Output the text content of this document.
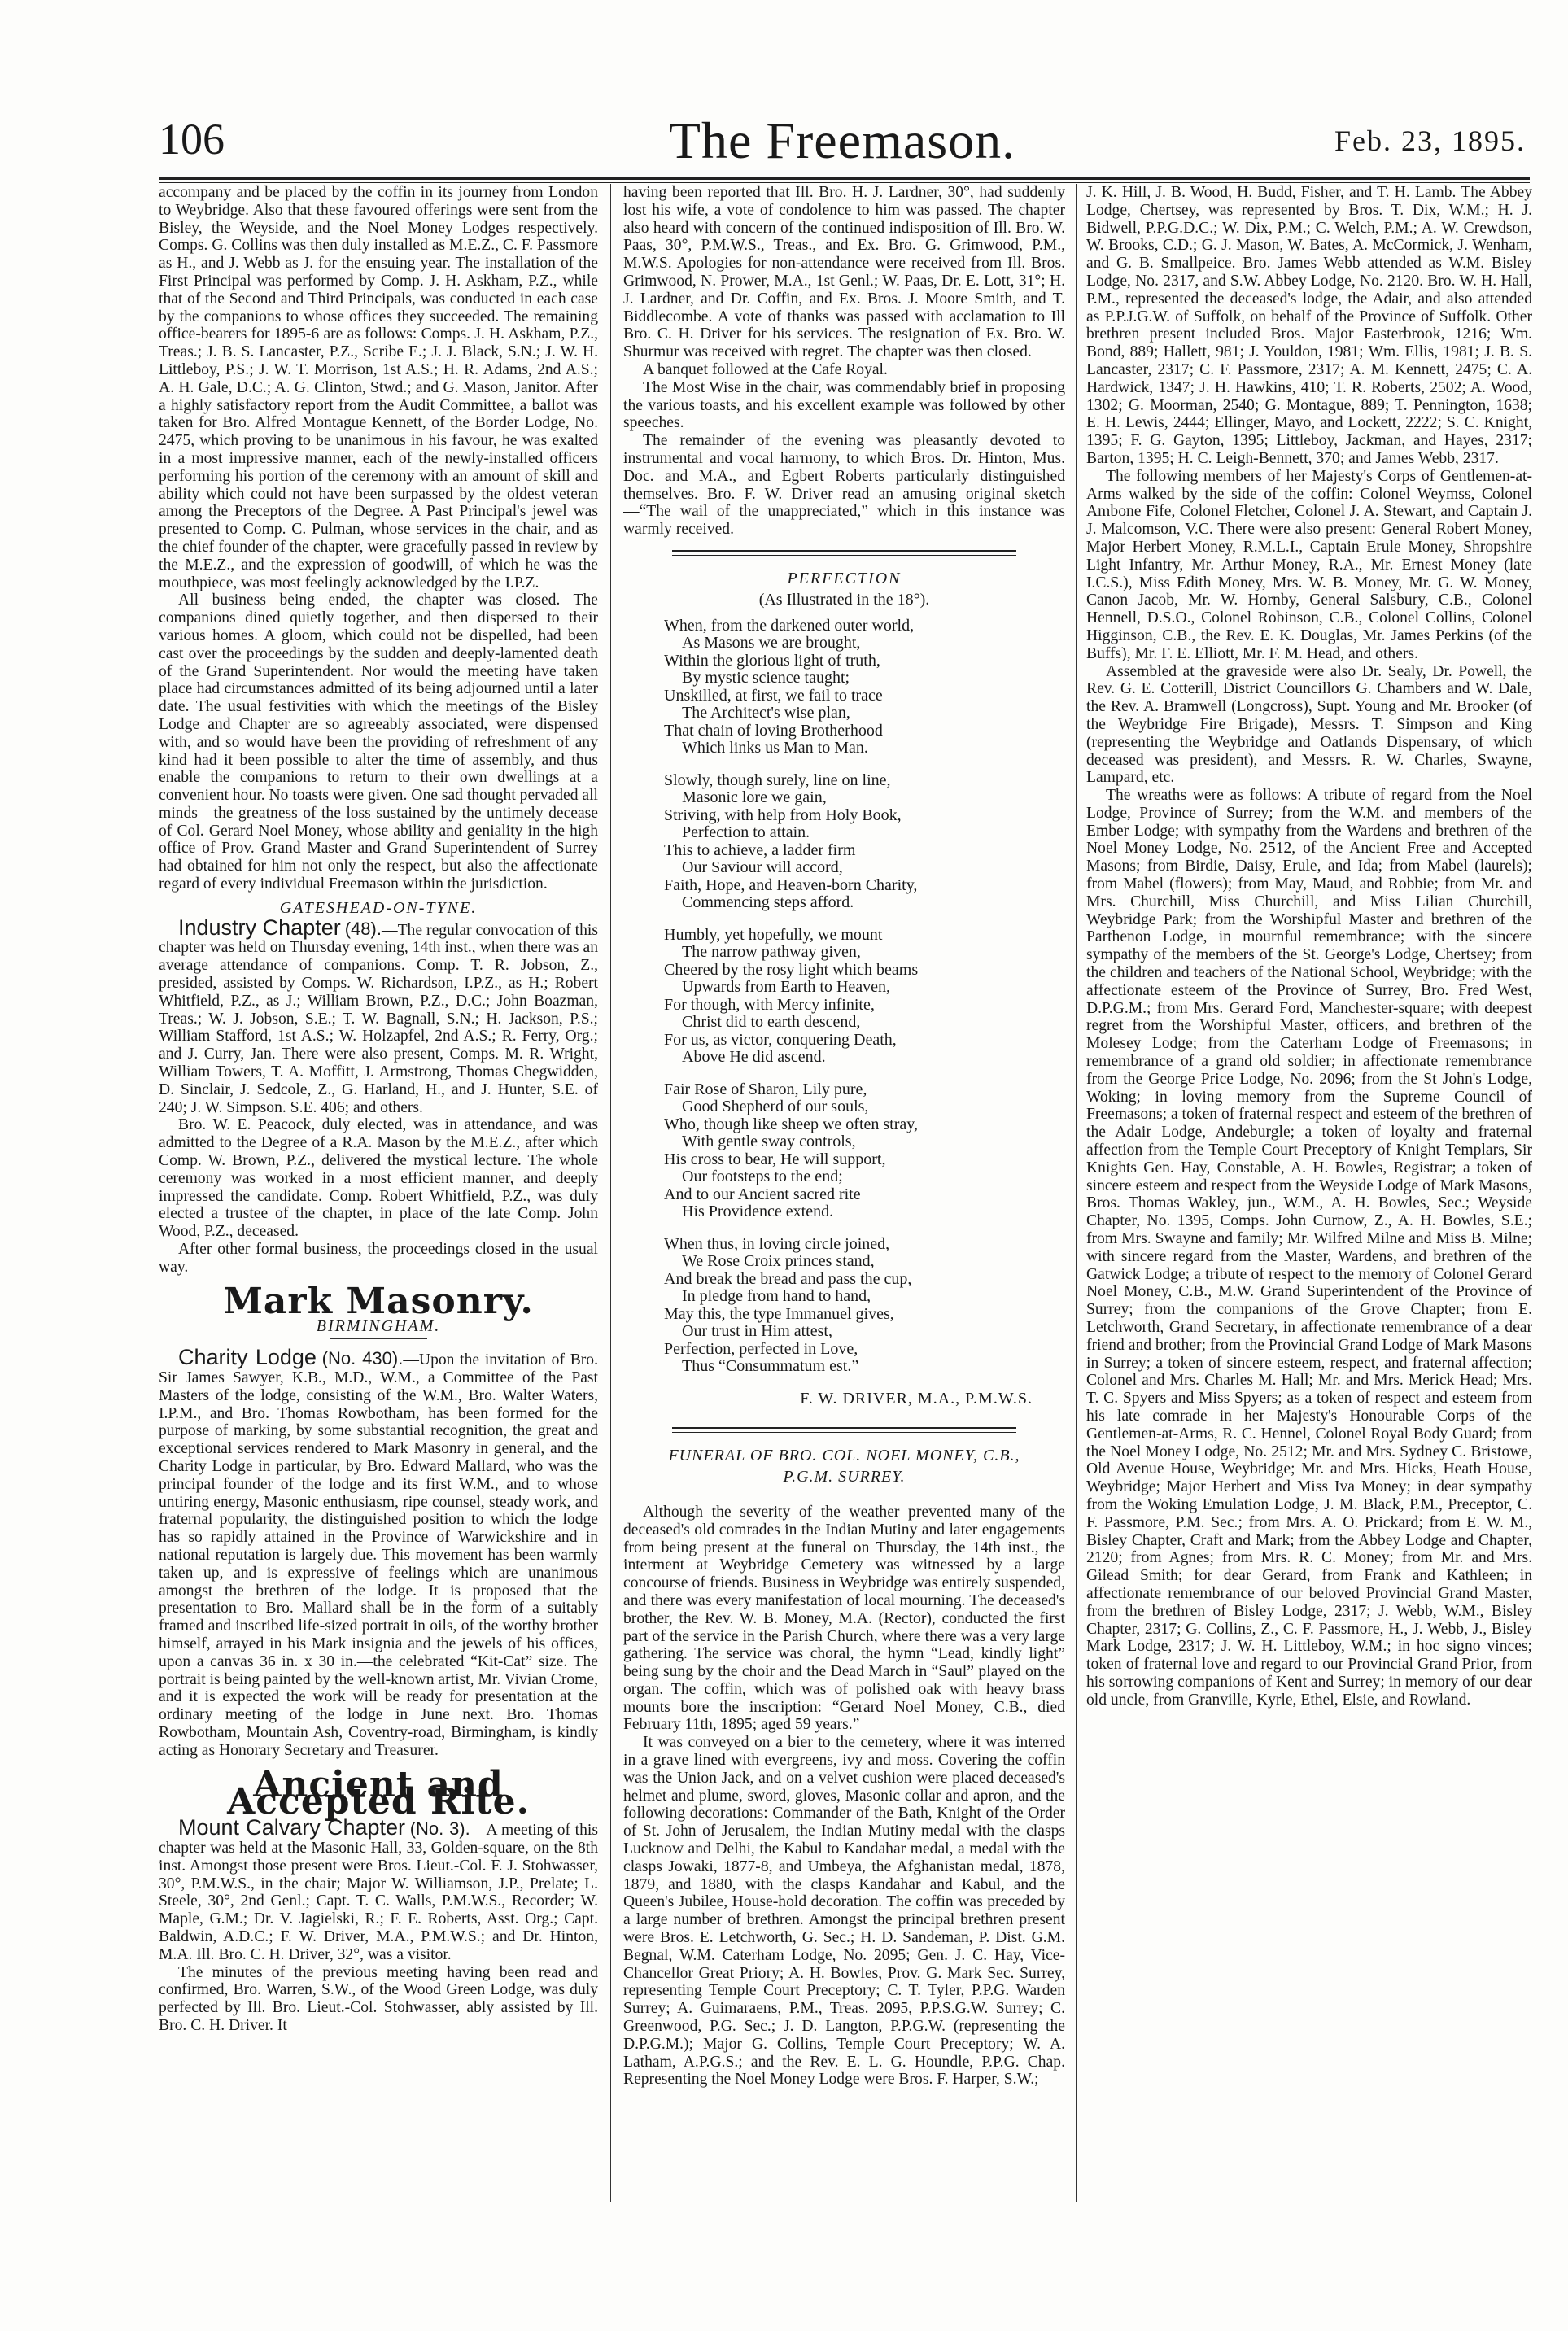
106	The Freemason.	Feb. 23, 1895.

accompany and be placed by the coffin in its journey from London to Weybridge. Also that these favoured offerings were sent from the Bisley, the Weyside, and the Noel Money Lodges respectively. Comps. G. Collins was then duly installed as M.E.Z., C. F. Passmore as H., and J. Webb as J. for the ensuing year. The installation of the First Principal was performed by Comp. J. H. Askham, P.Z., while that of the Second and Third Principals, was conducted in each case by the companions to whose offices they succeeded. The remaining office-bearers for 1895-6 are as follows: Comps. J. H. Askham, P.Z., Treas.; J. B. S. Lancaster, P.Z., Scribe E.; J. J. Black, S.N.; J. W. H. Littleboy, P.S.; J. W. T. Morrison, 1st A.S.; H. R. Adams, 2nd A.S.; A. H. Gale, D.C.; A. G. Clinton, Stwd.; and G. Mason, Janitor. After a highly satisfactory report from the Audit Committee, a ballot was taken for Bro. Alfred Montague Kennett, of the Border Lodge, No. 2475, which proving to be unanimous in his favour, he was exalted in a most impressive manner, each of the newly-installed officers performing his portion of the ceremony with an amount of skill and ability which could not have been surpassed by the oldest veteran among the Preceptors of the Degree. A Past Principal's jewel was presented to Comp. C. Pulman, whose services in the chair, and as the chief founder of the chapter, were gracefully passed in review by the M.E.Z., and the expression of goodwill, of which he was the mouthpiece, was most feelingly acknowledged by the I.P.Z.

All business being ended, the chapter was closed. The companions dined quietly together, and then dispersed to their various homes. A gloom, which could not be dispelled, had been cast over the proceedings by the sudden and deeply-lamented death of the Grand Superintendent. Nor would the meeting have taken place had circumstances admitted of its being adjourned until a later date. The usual festivities with which the meetings of the Bisley Lodge and Chapter are so agreeably associated, were dispensed with, and so would have been the providing of refreshment of any kind had it been possible to alter the time of assembly, and thus enable the companions to return to their own dwellings at a convenient hour. No toasts were given. One sad thought pervaded all minds—the greatness of the loss sustained by the untimely decease of Col. Gerard Noel Money, whose ability and geniality in the high office of Prov. Grand Master and Grand Superintendent of Surrey had obtained for him not only the respect, but also the affectionate regard of every individual Freemason within the jurisdiction.

GATESHEAD-ON-TYNE.

Industry Chapter (48).—The regular convocation of this chapter was held on Thursday evening, 14th inst., when there was an average attendance of companions. Comp. T. R. Jobson, Z., presided, assisted by Comps. W. Richardson, I.P.Z., as H.; Robert Whitfield, P.Z., as J.; William Brown, P.Z., D.C.; John Boazman, Treas.; W. J. Jobson, S.E.; T. W. Bagnall, S.N.; H. Jackson, P.S.; William Stafford, 1st A.S.; W. Holzapfel, 2nd A.S.; R. Ferry, Org.; and J. Curry, Jan. There were also present, Comps. M. R. Wright, William Towers, T. A. Moffitt, J. Armstrong, Thomas Chegwidden, D. Sinclair, J. Sedcole, Z., G. Harland, H., and J. Hunter, S.E. of 240; J. W. Simpson. S.E. 406; and others.

Bro. W. E. Peacock, duly elected, was in attendance, and was admitted to the Degree of a R.A. Mason by the M.E.Z., after which Comp. W. Brown, P.Z., delivered the mystical lecture. The whole ceremony was worked in a most efficient manner, and deeply impressed the candidate. Comp. Robert Whitfield, P.Z., was duly elected a trustee of the chapter, in place of the late Comp. John Wood, P.Z., deceased.

After other formal business, the proceedings closed in the usual way.

Mark Masonry.
BIRMINGHAM.

Charity Lodge (No. 430).—Upon the invitation of Bro. Sir James Sawyer, K.B., M.D., W.M., a Committee of the Past Masters of the lodge, consisting of the W.M., Bro. Walter Waters, I.P.M., and Bro. Thomas Rowbotham, has been formed for the purpose of marking, by some substantial recognition, the great and exceptional services rendered to Mark Masonry in general, and the Charity Lodge in particular, by Bro. Edward Mallard, who was the principal founder of the lodge and its first W.M., and to whose untiring energy, Masonic enthusiasm, ripe counsel, steady work, and fraternal popularity, the distinguished position to which the lodge has so rapidly attained in the Province of Warwickshire and in national reputation is largely due. This movement has been warmly taken up, and is expressive of feelings which are unanimous amongst the brethren of the lodge. It is proposed that the presentation to Bro. Mallard shall be in the form of a suitably framed and inscribed life-sized portrait in oils, of the worthy brother himself, arrayed in his Mark insignia and the jewels of his offices, upon a canvas 36 in. x 30 in.—the celebrated “Kit-Cat” size. The portrait is being painted by the well-known artist, Mr. Vivian Crome, and it is expected the work will be ready for presentation at the ordinary meeting of the lodge in June next. Bro. Thomas Rowbotham, Mountain Ash, Coventry-road, Birmingham, is kindly acting as Honorary Secretary and Treasurer.

Ancient and Accepted Rite.

Mount Calvary Chapter (No. 3).—A meeting of this chapter was held at the Masonic Hall, 33, Golden-square, on the 8th inst. Amongst those present were Bros. Lieut.-Col. F. J. Stohwasser, 30°, P.M.W.S., in the chair; Major W. Williamson, J.P., Prelate; L. Steele, 30°, 2nd Genl.; Capt. T. C. Walls, P.M.W.S., Recorder; W. Maple, G.M.; Dr. V. Jagielski, R.; F. E. Roberts, Asst. Org.; Capt. Baldwin, A.D.C.; F. W. Driver, M.A., P.M.W.S.; and Dr. Hinton, M.A. Ill. Bro. C. H. Driver, 32°, was a visitor.

The minutes of the previous meeting having been read and confirmed, Bro. Warren, S.W., of the Wood Green Lodge, was duly perfected by Ill. Bro. Lieut.-Col. Stohwasser, ably assisted by Ill. Bro. C. H. Driver. It

having been reported that Ill. Bro. H. J. Lardner, 30°, had suddenly lost his wife, a vote of condolence to him was passed. The chapter also heard with concern of the continued indisposition of Ill. Bro. W. Paas, 30°, P.M.W.S., Treas., and Ex. Bro. G. Grimwood, P.M., M.W.S. Apologies for non-attendance were received from Ill. Bros. Grimwood, N. Prower, M.A., 1st Genl.; W. Paas, Dr. E. Lott, 31°; H. J. Lardner, and Dr. Coffin, and Ex. Bros. J. Moore Smith, and T. Biddlecombe. A vote of thanks was passed with acclamation to Ill Bro. C. H. Driver for his services. The resignation of Ex. Bro. W. Shurmur was received with regret. The chapter was then closed.

A banquet followed at the Cafe Royal.

The Most Wise in the chair, was commendably brief in proposing the various toasts, and his excellent example was followed by other speeches.

The remainder of the evening was pleasantly devoted to instrumental and vocal harmony, to which Bros. Dr. Hinton, Mus. Doc. and M.A., and Egbert Roberts particularly distinguished themselves. Bro. F. W. Driver read an amusing original sketch—“The wail of the unappreciated,” which in this instance was warmly received.

PERFECTION
(As Illustrated in the 18°).
When, from the darkened outer world,
As Masons we are brought,
Within the glorious light of truth,
By mystic science taught;
Unskilled, at first, we fail to trace
The Architect's wise plan,
That chain of loving Brotherhood
Which links us Man to Man.
Slowly, though surely, line on line,
Masonic lore we gain,
Striving, with help from Holy Book,
Perfection to attain.
This to achieve, a ladder firm
Our Saviour will accord,
Faith, Hope, and Heaven-born Charity,
Commencing steps afford.
Humbly, yet hopefully, we mount
The narrow pathway given,
Cheered by the rosy light which beams
Upwards from Earth to Heaven,
For though, with Mercy infinite,
Christ did to earth descend,
For us, as victor, conquering Death,
Above He did ascend.
Fair Rose of Sharon, Lily pure,
Good Shepherd of our souls,
Who, though like sheep we often stray,
With gentle sway controls,
His cross to bear, He will support,
Our footsteps to the end;
And to our Ancient sacred rite
His Providence extend.
When thus, in loving circle joined,
We Rose Croix princes stand,
And break the bread and pass the cup,
In pledge from hand to hand,
May this, the type Immanuel gives,
Our trust in Him attest,
Perfection, perfected in Love,
Thus “Consummatum est.”
F. W. DRIVER, M.A., P.M.W.S.
FUNERAL OF BRO. COL. NOEL MONEY, C.B.,
P.G.M. SURREY.

Although the severity of the weather prevented many of the deceased's old comrades in the Indian Mutiny and later engagements from being present at the funeral on Thursday, the 14th inst., the interment at Weybridge Cemetery was witnessed by a large concourse of friends. Business in Weybridge was entirely suspended, and there was every manifestation of local mourning. The deceased's brother, the Rev. W. B. Money, M.A. (Rector), conducted the first part of the service in the Parish Church, where there was a very large gathering. The service was choral, the hymn “Lead, kindly light” being sung by the choir and the Dead March in “Saul” played on the organ. The coffin, which was of polished oak with heavy brass mounts bore the inscription: “Gerard Noel Money, C.B., died February 11th, 1895; aged 59 years.”

It was conveyed on a bier to the cemetery, where it was interred in a grave lined with evergreens, ivy and moss. Covering the coffin was the Union Jack, and on a velvet cushion were placed deceased's helmet and plume, sword, gloves, Masonic collar and apron, and the following decorations: Commander of the Bath, Knight of the Order of St. John of Jerusalem, the Indian Mutiny medal with the clasps Lucknow and Delhi, the Kabul to Kandahar medal, a medal with the clasps Jowaki, 1877-8, and Umbeya, the Afghanistan medal, 1878, 1879, and 1880, with the clasps Kandahar and Kabul, and the Queen's Jubilee, House-hold decoration. The coffin was preceded by a large number of brethren. Amongst the principal brethren present were Bros. E. Letchworth, G. Sec.; H. D. Sandeman, P. Dist. G.M. Begnal, W.M. Caterham Lodge, No. 2095; Gen. J. C. Hay, Vice-Chancellor Great Priory; A. H. Bowles, Prov. G. Mark Sec. Surrey, representing Temple Court Preceptory; C. T. Tyler, P.P.G. Warden Surrey; A. Guimaraens, P.M., Treas. 2095, P.P.S.G.W. Surrey; C. Greenwood, P.G. Sec.; J. D. Langton, P.P.G.W. (representing the D.P.G.M.); Major G. Collins, Temple Court Preceptory; W. A. Latham, A.P.G.S.; and the Rev. E. L. G. Houndle, P.P.G. Chap. Representing the Noel Money Lodge were Bros. F. Harper, S.W.;

J. K. Hill, J. B. Wood, H. Budd, Fisher, and T. H. Lamb. The Abbey Lodge, Chertsey, was represented by Bros. T. Dix, W.M.; H. J. Bidwell, P.P.G.D.C.; W. Dix, P.M.; C. Welch, P.M.; A. W. Crewdson, W. Brooks, C.D.; G. J. Mason, W. Bates, A. McCormick, J. Wenham, and G. B. Smallpeice. Bro. James Webb attended as W.M. Bisley Lodge, No. 2317, and S.W. Abbey Lodge, No. 2120. Bro. W. H. Hall, P.M., represented the deceased's lodge, the Adair, and also attended as P.P.J.G.W. of Suffolk, on behalf of the Province of Suffolk. Other brethren present included Bros. Major Easterbrook, 1216; Wm. Bond, 889; Hallett, 981; J. Youldon, 1981; Wm. Ellis, 1981; J. B. S. Lancaster, 2317; C. F. Passmore, 2317; A. M. Kennett, 2475; C. A. Hardwick, 1347; J. H. Hawkins, 410; T. R. Roberts, 2502; A. Wood, 1302; G. Moorman, 2540; G. Montague, 889; T. Pennington, 1638; E. H. Lewis, 2444; Ellinger, Mayo, and Lockett, 2222; S. C. Knight, 1395; F. G. Gayton, 1395; Littleboy, Jackman, and Hayes, 2317; Barton, 1395; H. C. Leigh-Bennett, 370; and James Webb, 2317.

The following members of her Majesty's Corps of Gentlemen-at-Arms walked by the side of the coffin: Colonel Weymss, Colonel Ambone Fife, Colonel Fletcher, Colonel J. A. Stewart, and Captain J. J. Malcomson, V.C. There were also present: General Robert Money, Major Herbert Money, R.M.L.I., Captain Erule Money, Shropshire Light Infantry, Mr. Arthur Money, R.A., Mr. Ernest Money (late I.C.S.), Miss Edith Money, Mrs. W. B. Money, Mr. G. W. Money, Canon Jacob, Mr. W. Hornby, General Salsbury, C.B., Colonel Hennell, D.S.O., Colonel Robinson, C.B., Colonel Collins, Colonel Higginson, C.B., the Rev. E. K. Douglas, Mr. James Perkins (of the Buffs), Mr. F. E. Elliott, Mr. F. M. Head, and others.

Assembled at the graveside were also Dr. Sealy, Dr. Powell, the Rev. G. E. Cotterill, District Councillors G. Chambers and W. Dale, the Rev. A. Bramwell (Longcross), Supt. Young and Mr. Brooker (of the Weybridge Fire Brigade), Messrs. T. Simpson and King (representing the Weybridge and Oatlands Dispensary, of which deceased was president), and Messrs. R. W. Charles, Swayne, Lampard, etc.

The wreaths were as follows: A tribute of regard from the Noel Lodge, Province of Surrey; from the W.M. and members of the Ember Lodge; with sympathy from the Wardens and brethren of the Noel Money Lodge, No. 2512, of the Ancient Free and Accepted Masons; from Birdie, Daisy, Erule, and Ida; from Mabel (laurels); from Mabel (flowers); from May, Maud, and Robbie; from Mr. and Mrs. Churchill, Miss Churchill, and Miss Lilian Churchill, Weybridge Park; from the Worshipful Master and brethren of the Parthenon Lodge, in mournful remembrance; with the sincere sympathy of the members of the St. George's Lodge, Chertsey; from the children and teachers of the National School, Weybridge; with the affectionate esteem of the Province of Surrey, Bro. Fred West, D.P.G.M.; from Mrs. Gerard Ford, Manchester-square; with deepest regret from the Worshipful Master, officers, and brethren of the Molesey Lodge; from the Caterham Lodge of Freemasons; in remembrance of a grand old soldier; in affectionate remembrance from the George Price Lodge, No. 2096; from the St John's Lodge, Woking; in loving memory from the Supreme Council of Freemasons; a token of fraternal respect and esteem of the brethren of the Adair Lodge, Andeburgle; a token of loyalty and fraternal affection from the Temple Court Preceptory of Knight Templars, Sir Knights Gen. Hay, Constable, A. H. Bowles, Registrar; a token of sincere esteem and respect from the Weyside Lodge of Mark Masons, Bros. Thomas Wakley, jun., W.M., A. H. Bowles, Sec.; Weyside Chapter, No. 1395, Comps. John Curnow, Z., A. H. Bowles, S.E.; from Mrs. Swayne and family; Mr. Wilfred Milne and Miss B. Milne; with sincere regard from the Master, Wardens, and brethren of the Gatwick Lodge; a tribute of respect to the memory of Colonel Gerard Noel Money, C.B., M.W. Grand Superintendent of the Province of Surrey; from the companions of the Grove Chapter; from E. Letchworth, Grand Secretary, in affectionate remembrance of a dear friend and brother; from the Provincial Grand Lodge of Mark Masons in Surrey; a token of sincere esteem, respect, and fraternal affection; Colonel and Mrs. Charles M. Hall; Mr. and Mrs. Merick Head; Mrs. T. C. Spyers and Miss Spyers; as a token of respect and esteem from his late comrade in her Majesty's Honourable Corps of the Gentlemen-at-Arms, R. C. Hennel, Colonel Royal Body Guard; from the Noel Money Lodge, No. 2512; Mr. and Mrs. Sydney C. Bristowe, Old Avenue House, Weybridge; Mr. and Mrs. Hicks, Heath House, Weybridge; Major Herbert and Miss Iva Money; in dear sympathy from the Woking Emulation Lodge, J. M. Black, P.M., Preceptor, C. F. Passmore, P.M. Sec.; from Mrs. A. O. Prickard; from E. W. M., Bisley Chapter, Craft and Mark; from the Abbey Lodge and Chapter, 2120; from Agnes; from Mrs. R. C. Money; from Mr. and Mrs. Gilead Smith; for dear Gerard, from Frank and Kathleen; in affectionate remembrance of our beloved Provincial Grand Master, from the brethren of Bisley Lodge, 2317; J. Webb, W.M., Bisley Chapter, 2317; G. Collins, Z., C. F. Passmore, H., J. Webb, J., Bisley Mark Lodge, 2317; J. W. H. Littleboy, W.M.; in hoc signo vinces; token of fraternal love and regard to our Provincial Grand Prior, from his sorrowing companions of Kent and Surrey; in memory of our dear old uncle, from Granville, Kyrle, Ethel, Elsie, and Rowland.
